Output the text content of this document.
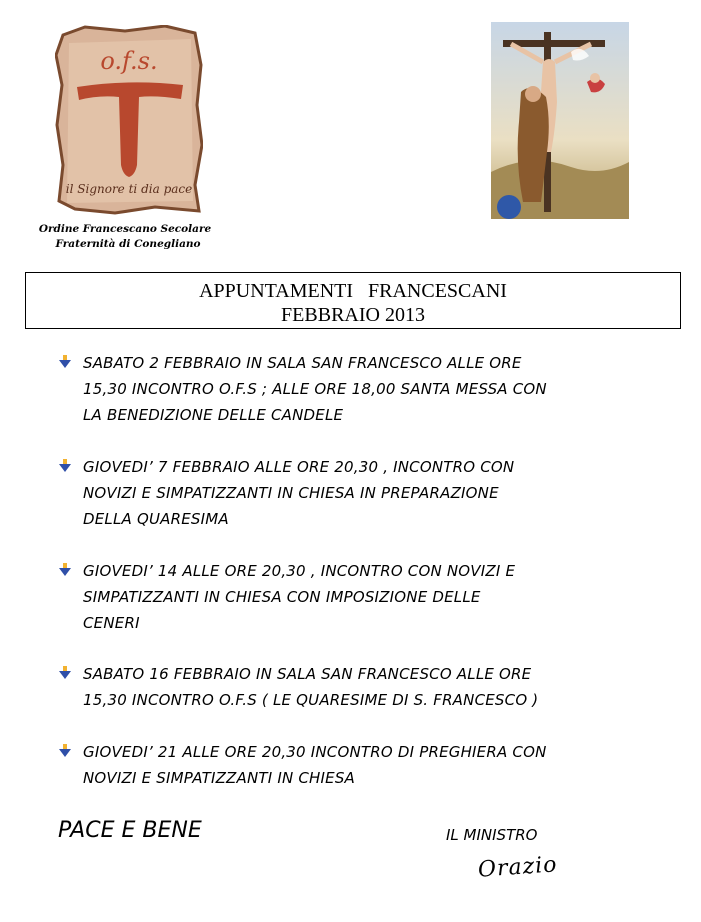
o.f.s.
il Signore ti dia pace
Ordine Francescano Secolare
Fraternità di Conegliano
APPUNTAMENTI FRANCESCANI
FEBBRAIO 2013
SABATO 2 FEBBRAIO IN SALA SAN FRANCESCO ALLE ORE
15,30 INCONTRO O.F.S ; ALLE ORE 18,00 SANTA MESSA CON
LA BENEDIZIONE DELLE CANDELE
GIOVEDI’ 7 FEBBRAIO ALLE ORE 20,30 , INCONTRO CON
NOVIZI E SIMPATIZZANTI IN CHIESA IN PREPARAZIONE
DELLA QUARESIMA
GIOVEDI’ 14 ALLE ORE 20,30 , INCONTRO CON NOVIZI E
SIMPATIZZANTI IN CHIESA CON IMPOSIZIONE DELLE
CENERI
SABATO 16 FEBBRAIO IN SALA SAN FRANCESCO ALLE ORE
15,30 INCONTRO O.F.S ( LE QUARESIME DI S. FRANCESCO )
GIOVEDI’ 21 ALLE ORE 20,30 INCONTRO DI PREGHIERA CON
NOVIZI E SIMPATIZZANTI IN CHIESA
PACE E BENE	IL MINISTRO
Orazio
